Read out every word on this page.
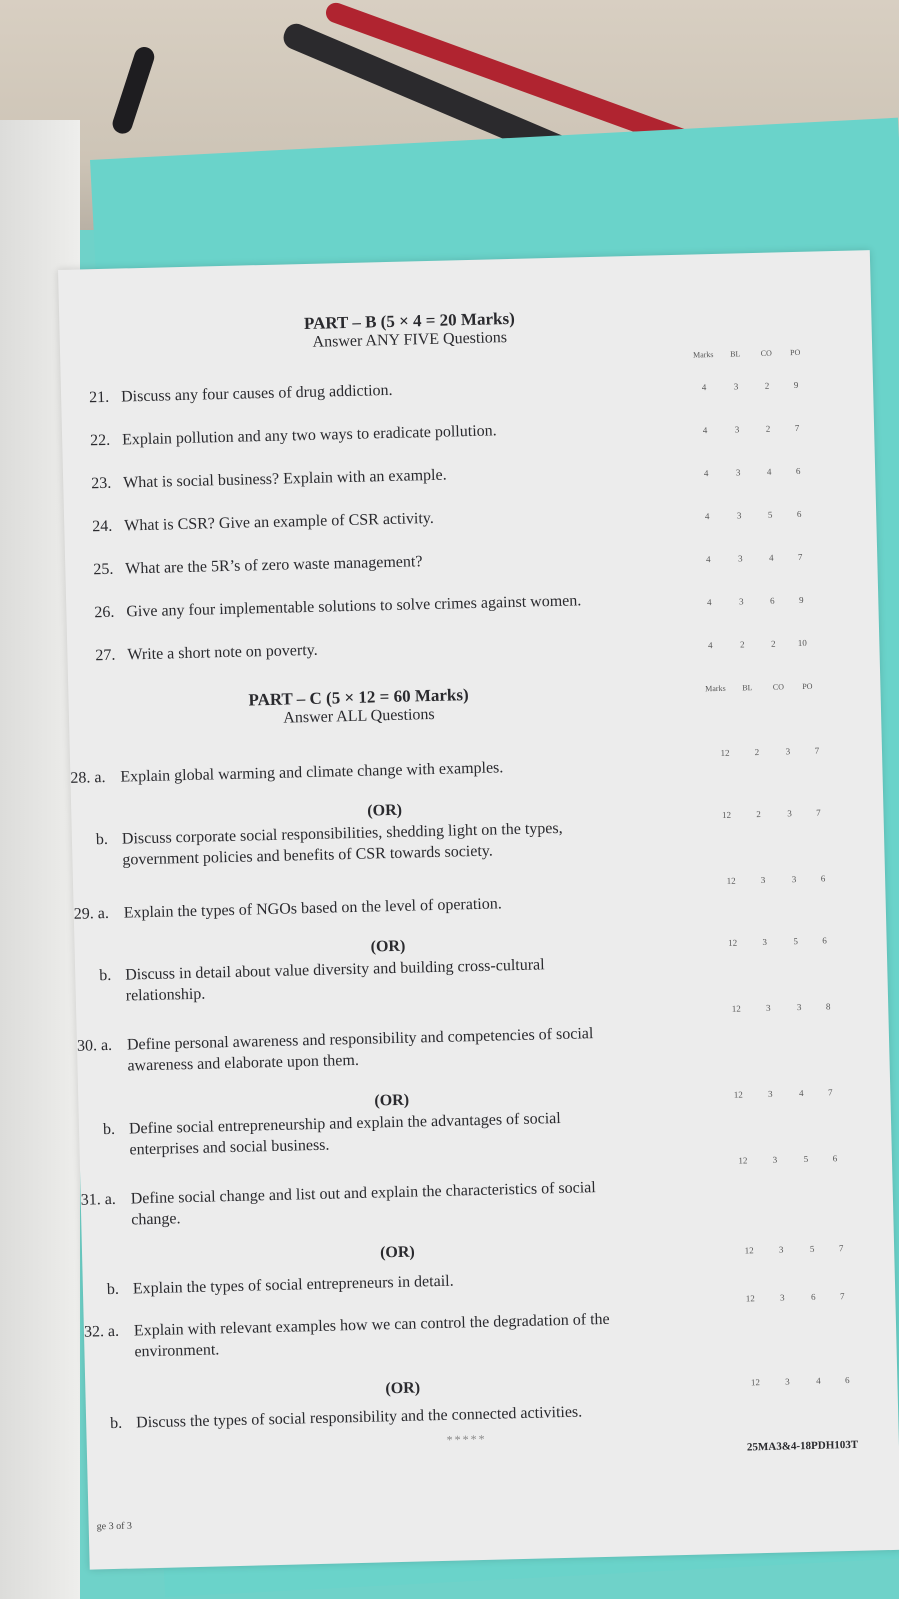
PART – B (5 × 4 = 20 Marks)
Answer ANY FIVE Questions
Marks	BL	CO	PO
21. Discuss any four causes of drug addiction.	4	3	2	9
22. Explain pollution and any two ways to eradicate pollution.	4	3	2	7
23. What is social business? Explain with an example.	4	3	4	6
24. What is CSR? Give an example of CSR activity.	4	3	5	6
25. What are the 5R’s of zero waste management?	4	3	4	7
26. Give any four implementable solutions to solve crimes against women.	4	3	6	9
27. Write a short note on poverty.	4	2	2	10
PART – C (5 × 12 = 60 Marks)
Answer ALL Questions
Marks	BL	CO	PO
28. a. Explain global warming and climate change with examples.
12	2	3	7
(OR)
b. Discuss corporate social responsibilities, shedding light on the types,
government policies and benefits of CSR towards society.
12	2	3	7
29. a. Explain the types of NGOs based on the level of operation.
12	3	3	6
(OR)
b. Discuss in detail about value diversity and building cross-cultural
relationship.
12	3	5	6
30. a. Define personal awareness and responsibility and competencies of social
awareness and elaborate upon them.
12	3	3	8
(OR)
b. Define social entrepreneurship and explain the advantages of social
enterprises and social business.
12	3	4	7
31. a. Define social change and list out and explain the characteristics of social
change.
12	3	5	6
(OR)
b. Explain the types of social entrepreneurs in detail.
12	3	5	7
32. a. Explain with relevant examples how we can control the degradation of the
environment.
12	3	6	7
(OR)
b. Discuss the types of social responsibility and the connected activities.
12	3	4	6
*****	25MA3&4-18PDH103T
ge 3 of 3
